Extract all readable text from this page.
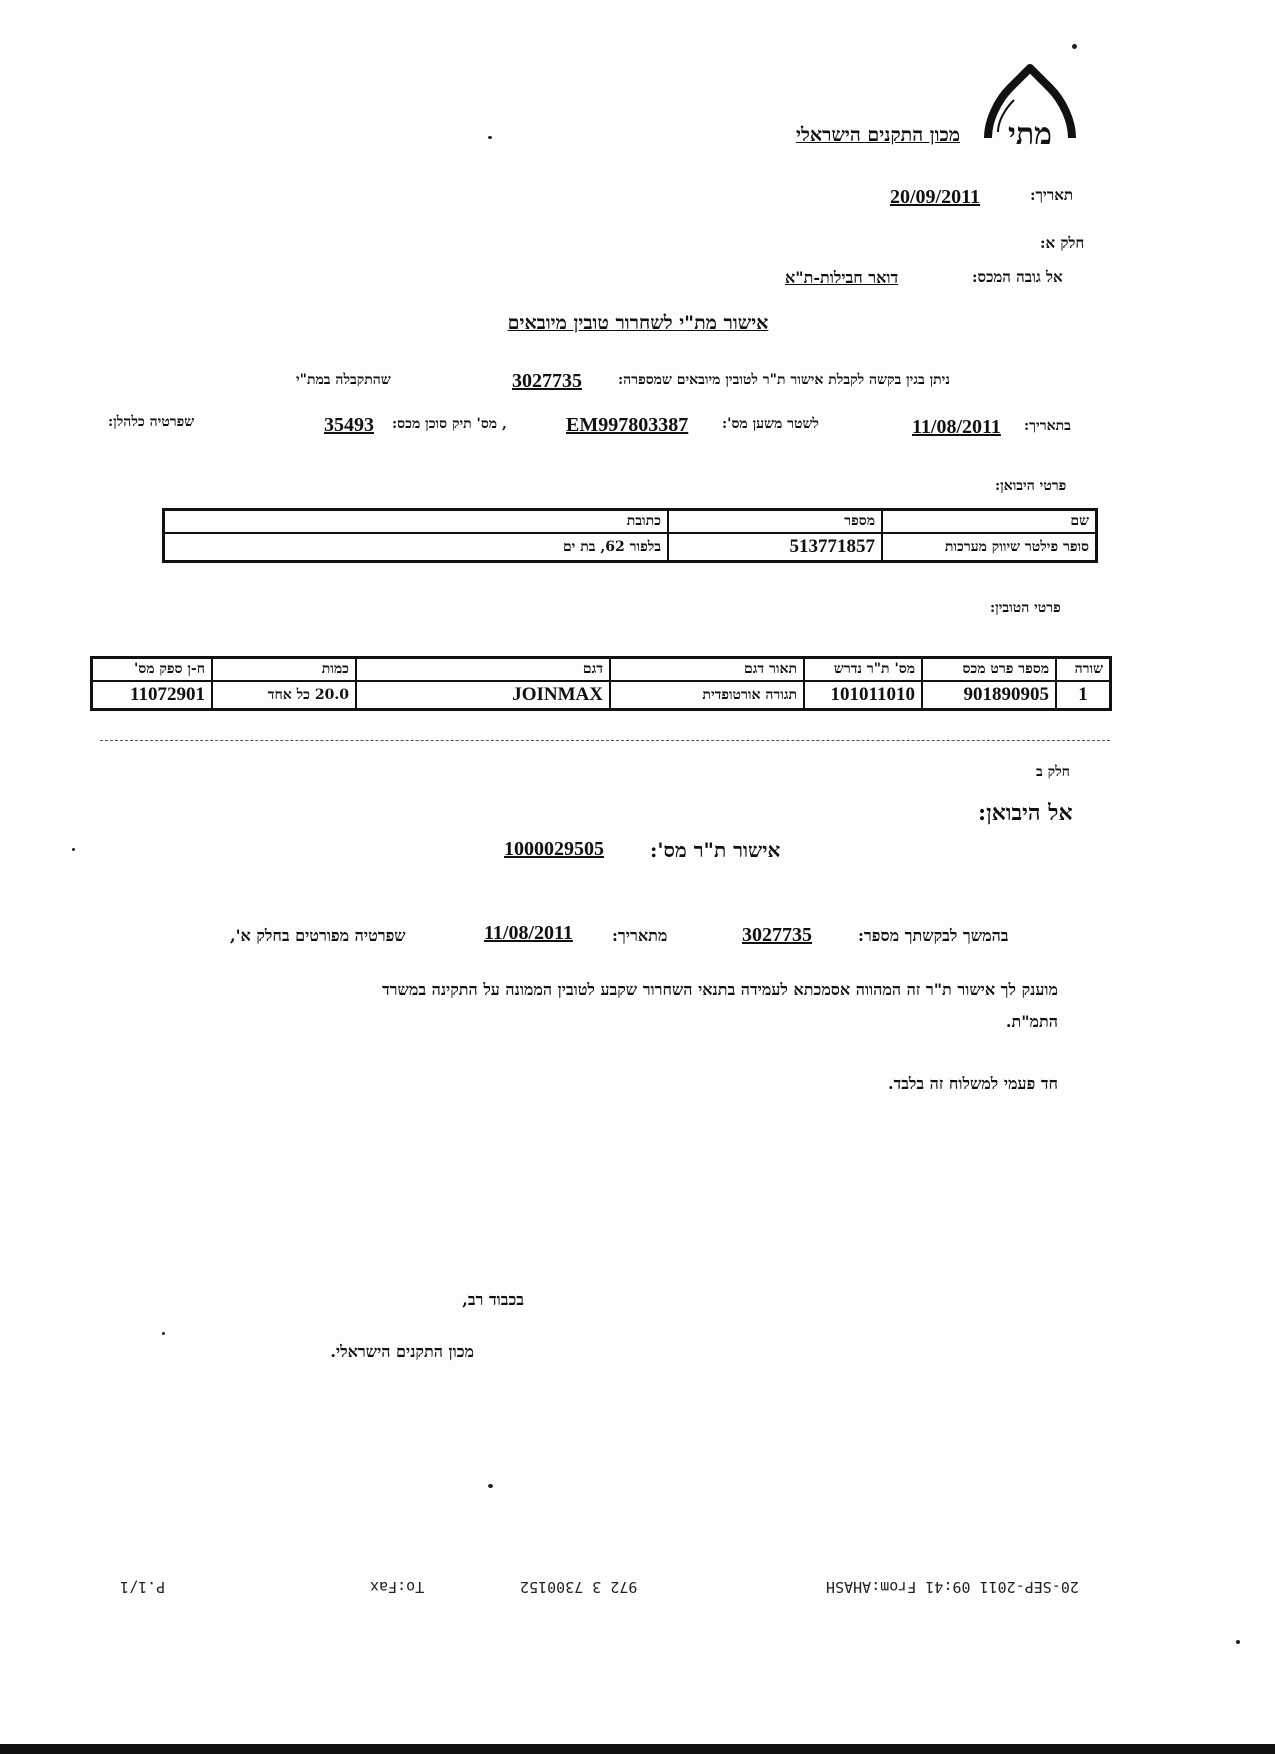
מתי
מכון התקנים הישראלי
תאריך:
20/09/2011
חלק א:
אל גובה המכס:
דואר חבילות-ת"א
אישור מת"י לשחרור טובין מיובאים
ניתן בגין בקשה לקבלת אישור ת"ר לטובין מיובאים שמספרה:
3027735
שהתקבלה במת"י
בתאריך:
11/08/2011
לשטר משען מס':
EM997803387
, מס' תיק סוכן מכס:
35493
שפרטיה כלהלן:
פרטי היבואן:
שם	מספר	כתובת
סופר פילטר שיווק מערכות	513771857	בלפור 62, בת ים
פרטי הטובין:
שורה	מספר פרט מכס	מס' ת"ר נדרש	תאור דגם	דגם	כמות	ח-ן ספק מס'
1	901890905	101011010	תגורה אורטופדית	JOINMAX	20.0 כל אחד	11072901
חלק ב
אל היבואן:
אישור ת"ר מס':
1000029505
בהמשך לבקשתך מספר:
3027735
מתאריך:
11/08/2011
שפרטיה מפורטים בחלק א',
מוענק לך אישור ת"ר זה המהווה אסמכתא לעמידה בתנאי השחרור שקבע לטובין הממונה על התקינה במשרד
התמ"ת.
חד פעמי למשלוח זה בלבד.
בכבוד רב,
מכון התקנים הישראלי.
20-SEP-2011 09:41 From:AHASH
972 3 7300152
To:Fax
P.1/1
